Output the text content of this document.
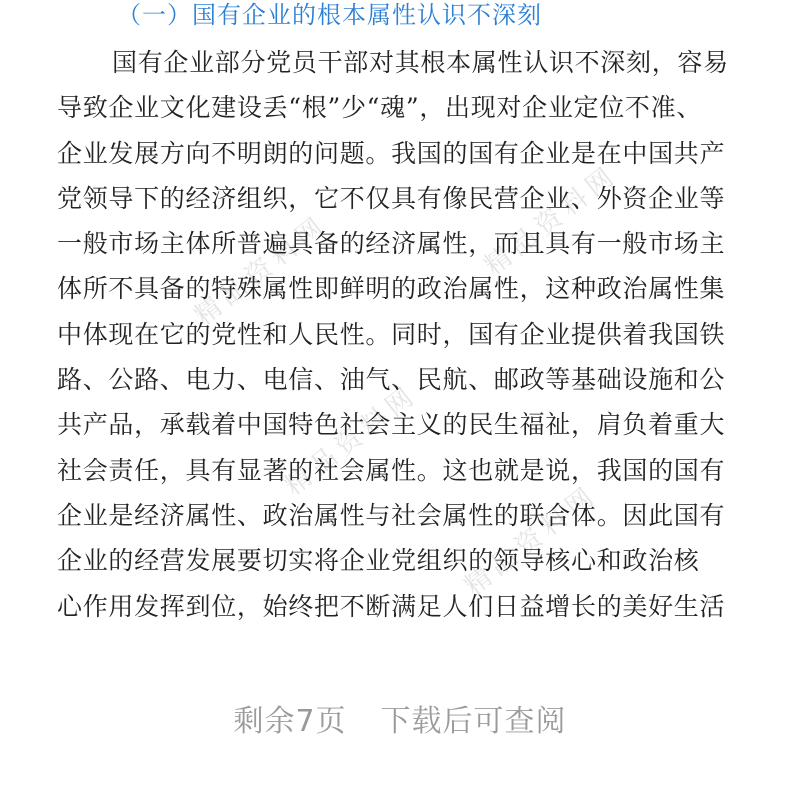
精品资料网	精品资料网
精品资料网
精品资料网
（一）国有企业的根本属性认识不深刻
国有企业部分党员干部对其根本属性认识不深刻，容易
导致企业文化建设丢“根”少“魂”，出现对企业定位不准、
企业发展方向不明朗的问题。我国的国有企业是在中国共产
党领导下的经济组织，它不仅具有像民营企业、外资企业等
一般市场主体所普遍具备的经济属性，而且具有一般市场主
体所不具备的特殊属性即鲜明的政治属性，这种政治属性集
中体现在它的党性和人民性。同时，国有企业提供着我国铁
路、公路、电力、电信、油气、民航、邮政等基础设施和公
共产品，承载着中国特色社会主义的民生福祉，肩负着重大
社会责任，具有显著的社会属性。这也就是说，我国的国有
企业是经济属性、政治属性与社会属性的联合体。因此国有
企业的经营发展要切实将企业党组织的领导核心和政治核
心作用发挥到位，始终把不断满足人们日益增长的美好生活
剩余7页 下载后可查阅
